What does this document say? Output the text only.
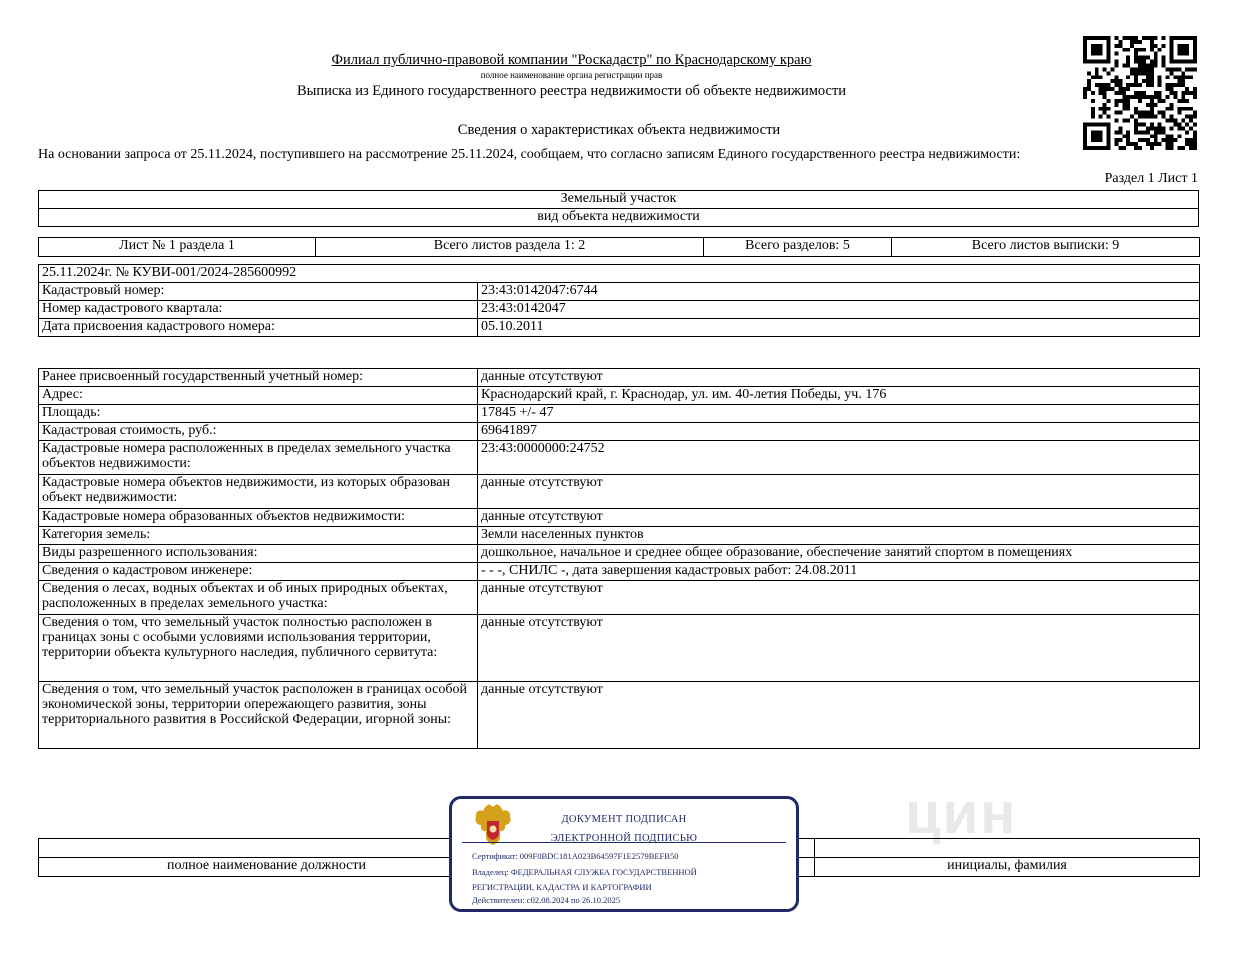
Филиал публично-правовой компании "Роскадастр" по Краснодарскому краю
полное наименование органа регистрации прав
Выписка из Единого государственного реестра недвижимости об объекте недвижимости
Сведения о характеристиках объекта недвижимости
На основании запроса от 25.11.2024, поступившего на рассмотрение 25.11.2024, сообщаем, что согласно записям Единого государственного реестра недвижимости:
Раздел 1 Лист 1
Земельный участок
вид объекта недвижимости
Лист № 1 раздела 1	Всего листов раздела 1: 2	Всего разделов: 5	Всего листов выписки: 9
25.11.2024г. № КУВИ-001/2024-285600992	
Кадастровый номер:	23:43:0142047:6744
Номер кадастрового квартала:	23:43:0142047
Дата присвоения кадастрового номера:	05.10.2011
Ранее присвоенный государственный учетный номер:	данные отсутствуют
Адрес:	Краснодарский край, г. Краснодар, ул. им. 40-летия Победы, уч. 176
Площадь:	17845 +/- 47
Кадастровая стоимость, руб.:	69641897
Кадастровые номера расположенных в пределах земельного участка объектов недвижимости:	23:43:0000000:24752
Кадастровые номера объектов недвижимости, из которых образован объект недвижимости:	данные отсутствуют
Кадастровые номера образованных объектов недвижимости:	данные отсутствуют
Категория земель:	Земли населенных пунктов
Виды разрешенного использования:	дошкольное, начальное и среднее общее образование, обеспечение занятий спортом в помещениях
Сведения о кадастровом инженере:	- - -, СНИЛС -, дата завершения кадастровых работ: 24.08.2011
Сведения о лесах, водных объектах и об иных природных объектах, расположенных в пределах земельного участка:	данные отсутствуют
Сведения о том, что земельный участок полностью расположен в границах зоны с особыми условиями использования территории, территории объекта культурного наследия, публичного сервитута:	данные отсутствуют
Сведения о том, что земельный участок расположен в границах особой экономической зоны, территории опережающего развития, зоны территориального развития в Российской Федерации, игорной зоны:	данные отсутствуют
цин

полное наименование должности		инициалы, фамилия
ДОКУМЕНТ ПОДПИСАН
ЭЛЕКТРОННОЙ ПОДПИСЬЮ
Сертификат: 009F0BDC181A023B64597F1E2579BEFB50
Владелец: ФЕДЕРАЛЬНАЯ СЛУЖБА ГОСУДАРСТВЕННОЙ
РЕГИСТРАЦИИ, КАДАСТРА И КАРТОГРАФИИ
Действителен: с02.08.2024 по 26.10.2025
